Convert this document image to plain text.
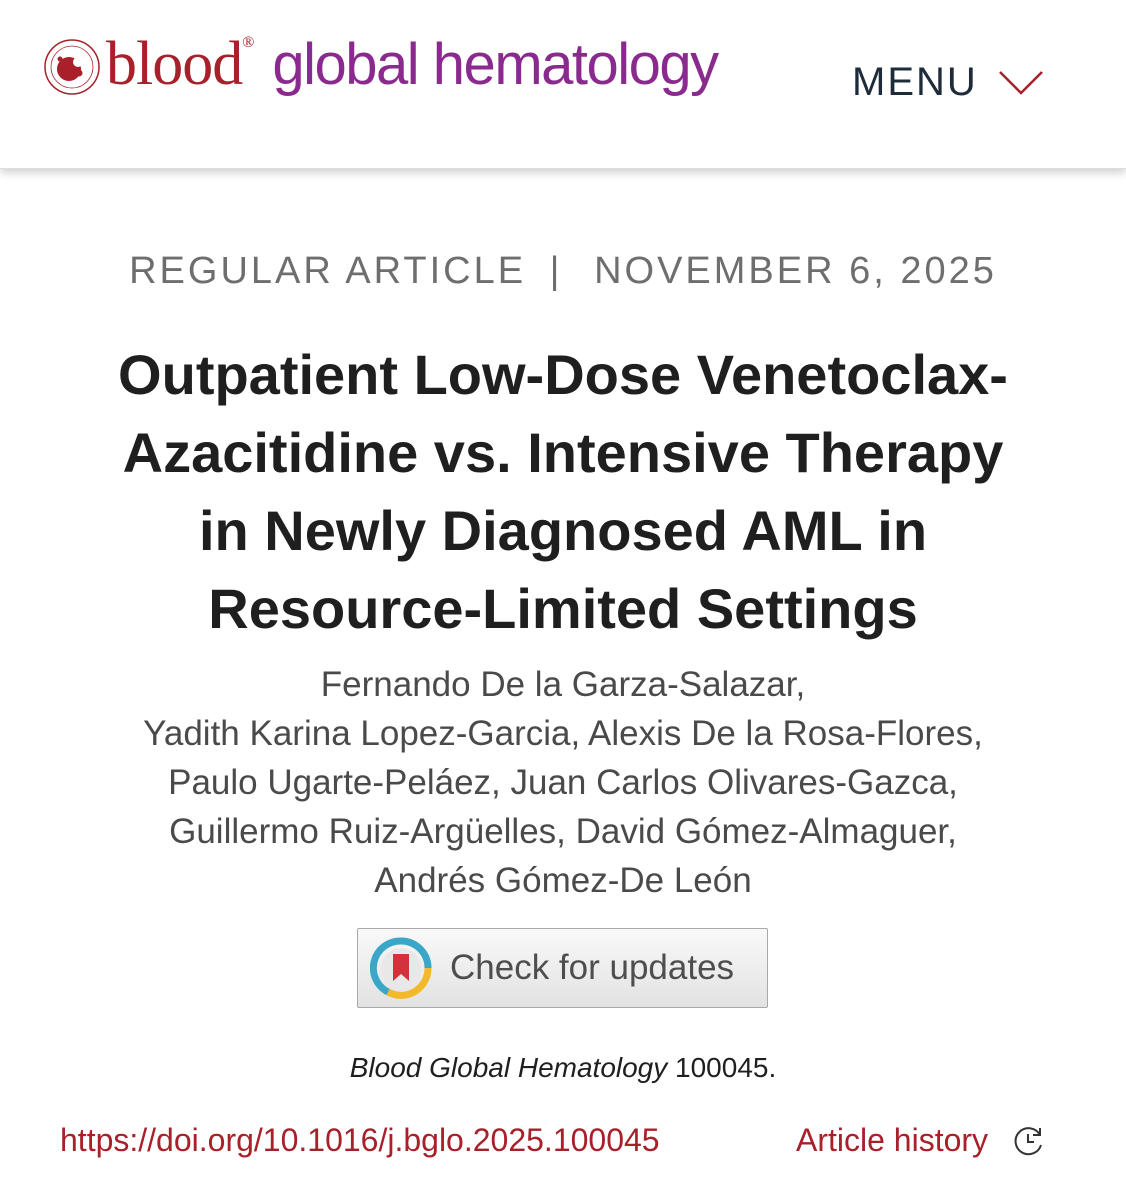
blood ® global hematology	MENU
REGULAR ARTICLE | NOVEMBER 6, 2025
Outpatient Low-Dose Venetoclax-
Azacitidine vs. Intensive Therapy
in Newly Diagnosed AML in
Resource-Limited Settings
Fernando De la Garza-Salazar,
Yadith Karina Lopez-Garcia, Alexis De la Rosa-Flores,
Paulo Ugarte-Peláez, Juan Carlos Olivares-Gazca,
Guillermo Ruiz-Argüelles, David Gómez-Almaguer,
Andrés Gómez-De León
Check for updates
Blood Global Hematology 100045.
https://doi.org/10.1016/j.bglo.2025.100045	Article history
